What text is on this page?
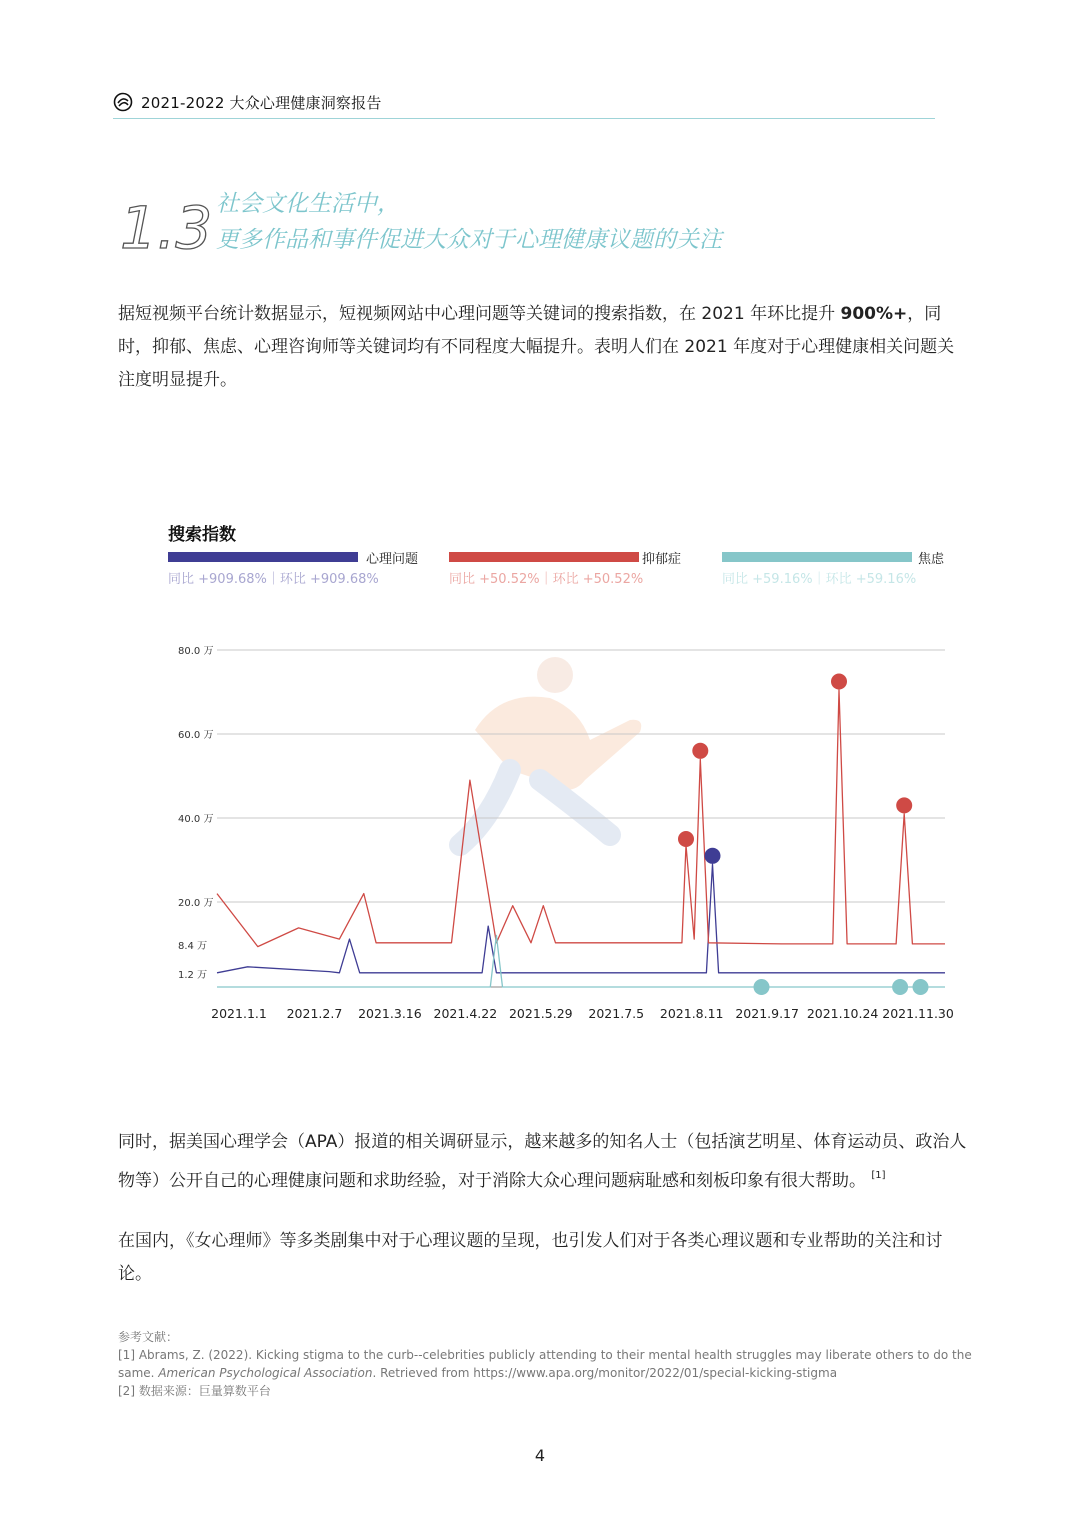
2021-2022 大众心理健康洞察报告
1.3 社会文化生活中，
更多作品和事件促进大众对于心理健康议题的关注
据短视频平台统计数据显示，短视频网站中心理问题等关键词的搜索指数，在 2021 年环比提升 900%+，同时，抑郁、焦虑、心理咨询师等关键词均有不同程度大幅提升。表明人们在 2021 年度对于心理健康相关问题关注度明显提升。
搜索指数
心理问题
同比 +909.68%｜环比 +909.68%
抑郁症
同比 +50.52%｜环比 +50.52%
焦虑
同比 +59.16%｜环比 +59.16%
80.0 万
60.0 万
40.0 万
20.0 万
8.4 万
1.2 万
2021.1.1 2021.2.7 2021.3.16 2021.4.22 2021.5.29 2021.7.5 2021.8.11 2021.9.17 2021.10.24 2021.11.30
同时，据美国心理学会（APA）报道的相关调研显示，越来越多的知名人士（包括演艺明星、体育运动员、政治人物等）公开自己的心理健康问题和求助经验，对于消除大众心理问题病耻感和刻板印象有很大帮助。 [1]
在国内，《女心理师》等多类剧集中对于心理议题的呈现，也引发人们对于各类心理议题和专业帮助的关注和讨论。
参考文献：
[1] Abrams, Z. (2022). Kicking stigma to the curb--celebrities publicly attending to their mental health struggles may liberate others to do the same. American Psychological Association. Retrieved from https://www.apa.org/monitor/2022/01/special-kicking-stigma
[2] 数据来源：巨量算数平台
4
